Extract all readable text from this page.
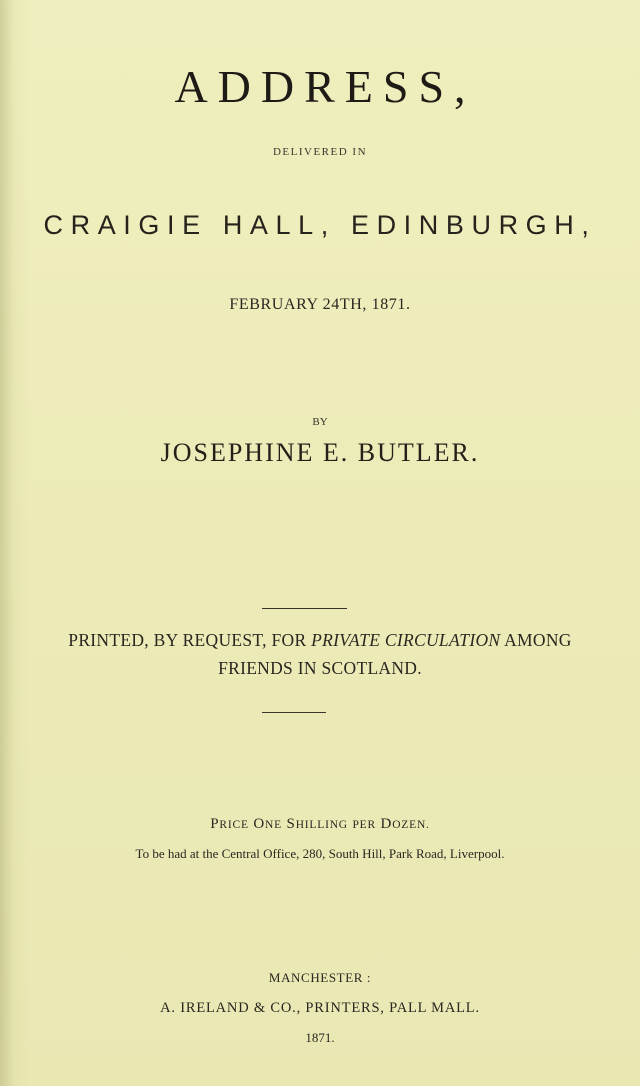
ADDRESS,
DELIVERED IN
CRAIGIE HALL, EDINBURGH,
FEBRUARY 24TH, 1871.
BY
JOSEPHINE E. BUTLER.
PRINTED, BY REQUEST, FOR PRIVATE CIRCULATION AMONG
FRIENDS IN SCOTLAND.
PRICE ONE SHILLING PER DOZEN.
To be had at the Central Office, 280, South Hill, Park Road, Liverpool.
MANCHESTER :
A. IRELAND & CO., PRINTERS, PALL MALL.
1871.
